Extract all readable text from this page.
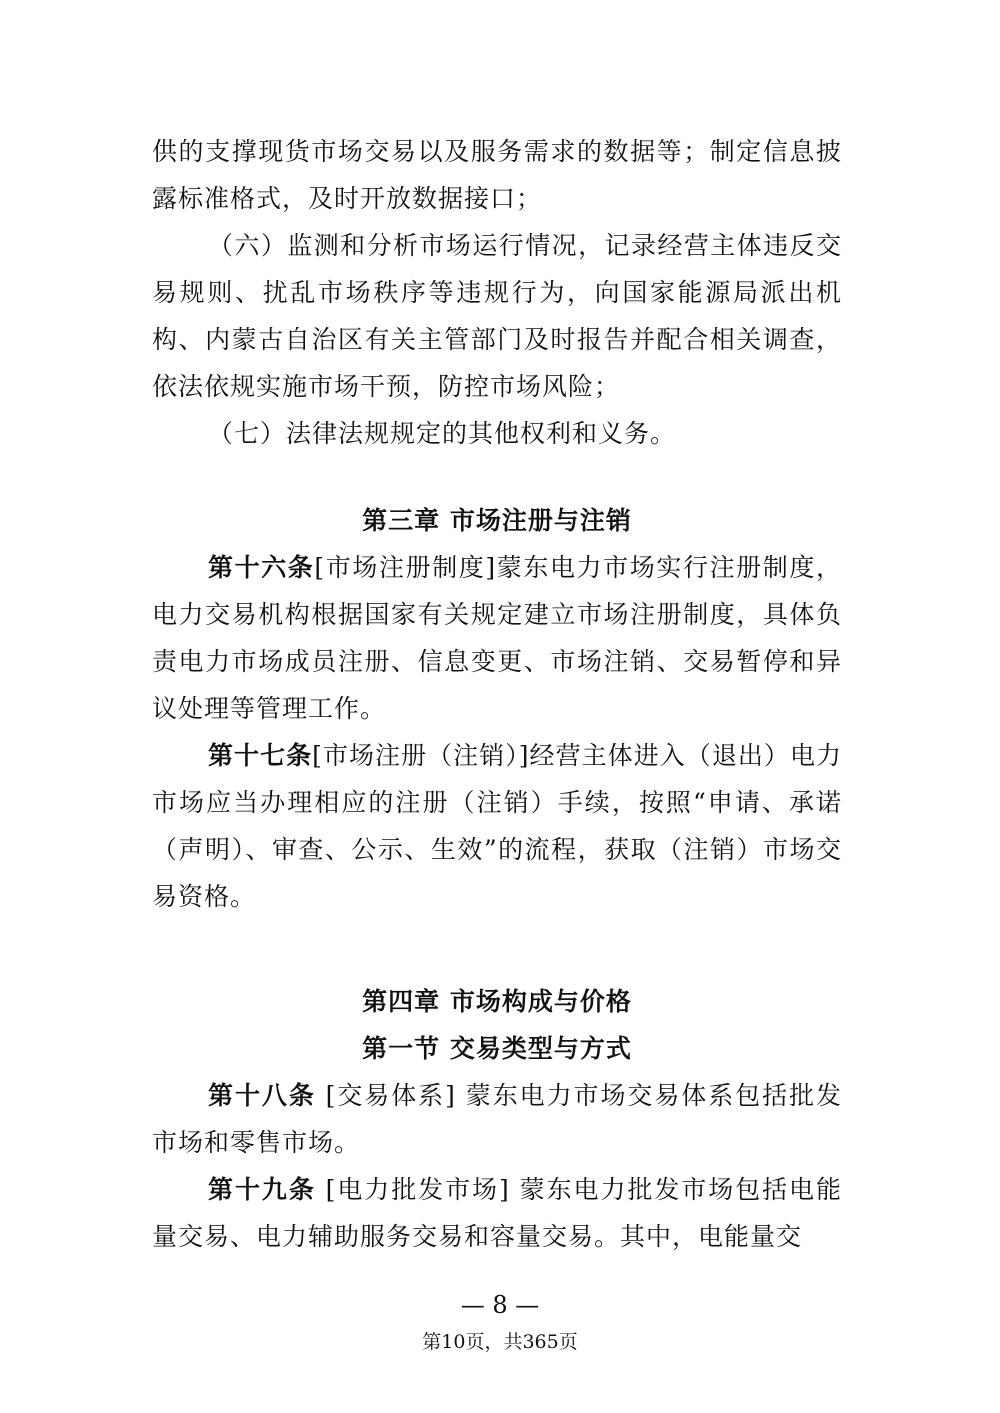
供的支撑现货市场交易以及服务需求的数据等；制定信息披露标准格式，及时开放数据接口；

（六）监测和分析市场运行情况，记录经营主体违反交易规则、扰乱市场秩序等违规行为，向国家能源局派出机构、内蒙古自治区有关主管部门及时报告并配合相关调查，依法依规实施市场干预，防控市场风险；

（七）法律法规规定的其他权利和义务。

第三章 市场注册与注销

第十六条[市场注册制度]蒙东电力市场实行注册制度，电力交易机构根据国家有关规定建立市场注册制度，具体负责电力市场成员注册、信息变更、市场注销、交易暂停和异议处理等管理工作。

第十七条[市场注册（注销）]经营主体进入（退出）电力市场应当办理相应的注册（注销）手续，按照“申请、承诺（声明）、审查、公示、生效”的流程，获取（注销）市场交易资格。

第四章 市场构成与价格
第一节 交易类型与方式

第十八条 [交易体系] 蒙东电力市场交易体系包括批发市场和零售市场。

第十九条 [电力批发市场] 蒙东电力批发市场包括电能量交易、电力辅助服务交易和容量交易。其中，电能量交

— 8 —
第10页，共365页
